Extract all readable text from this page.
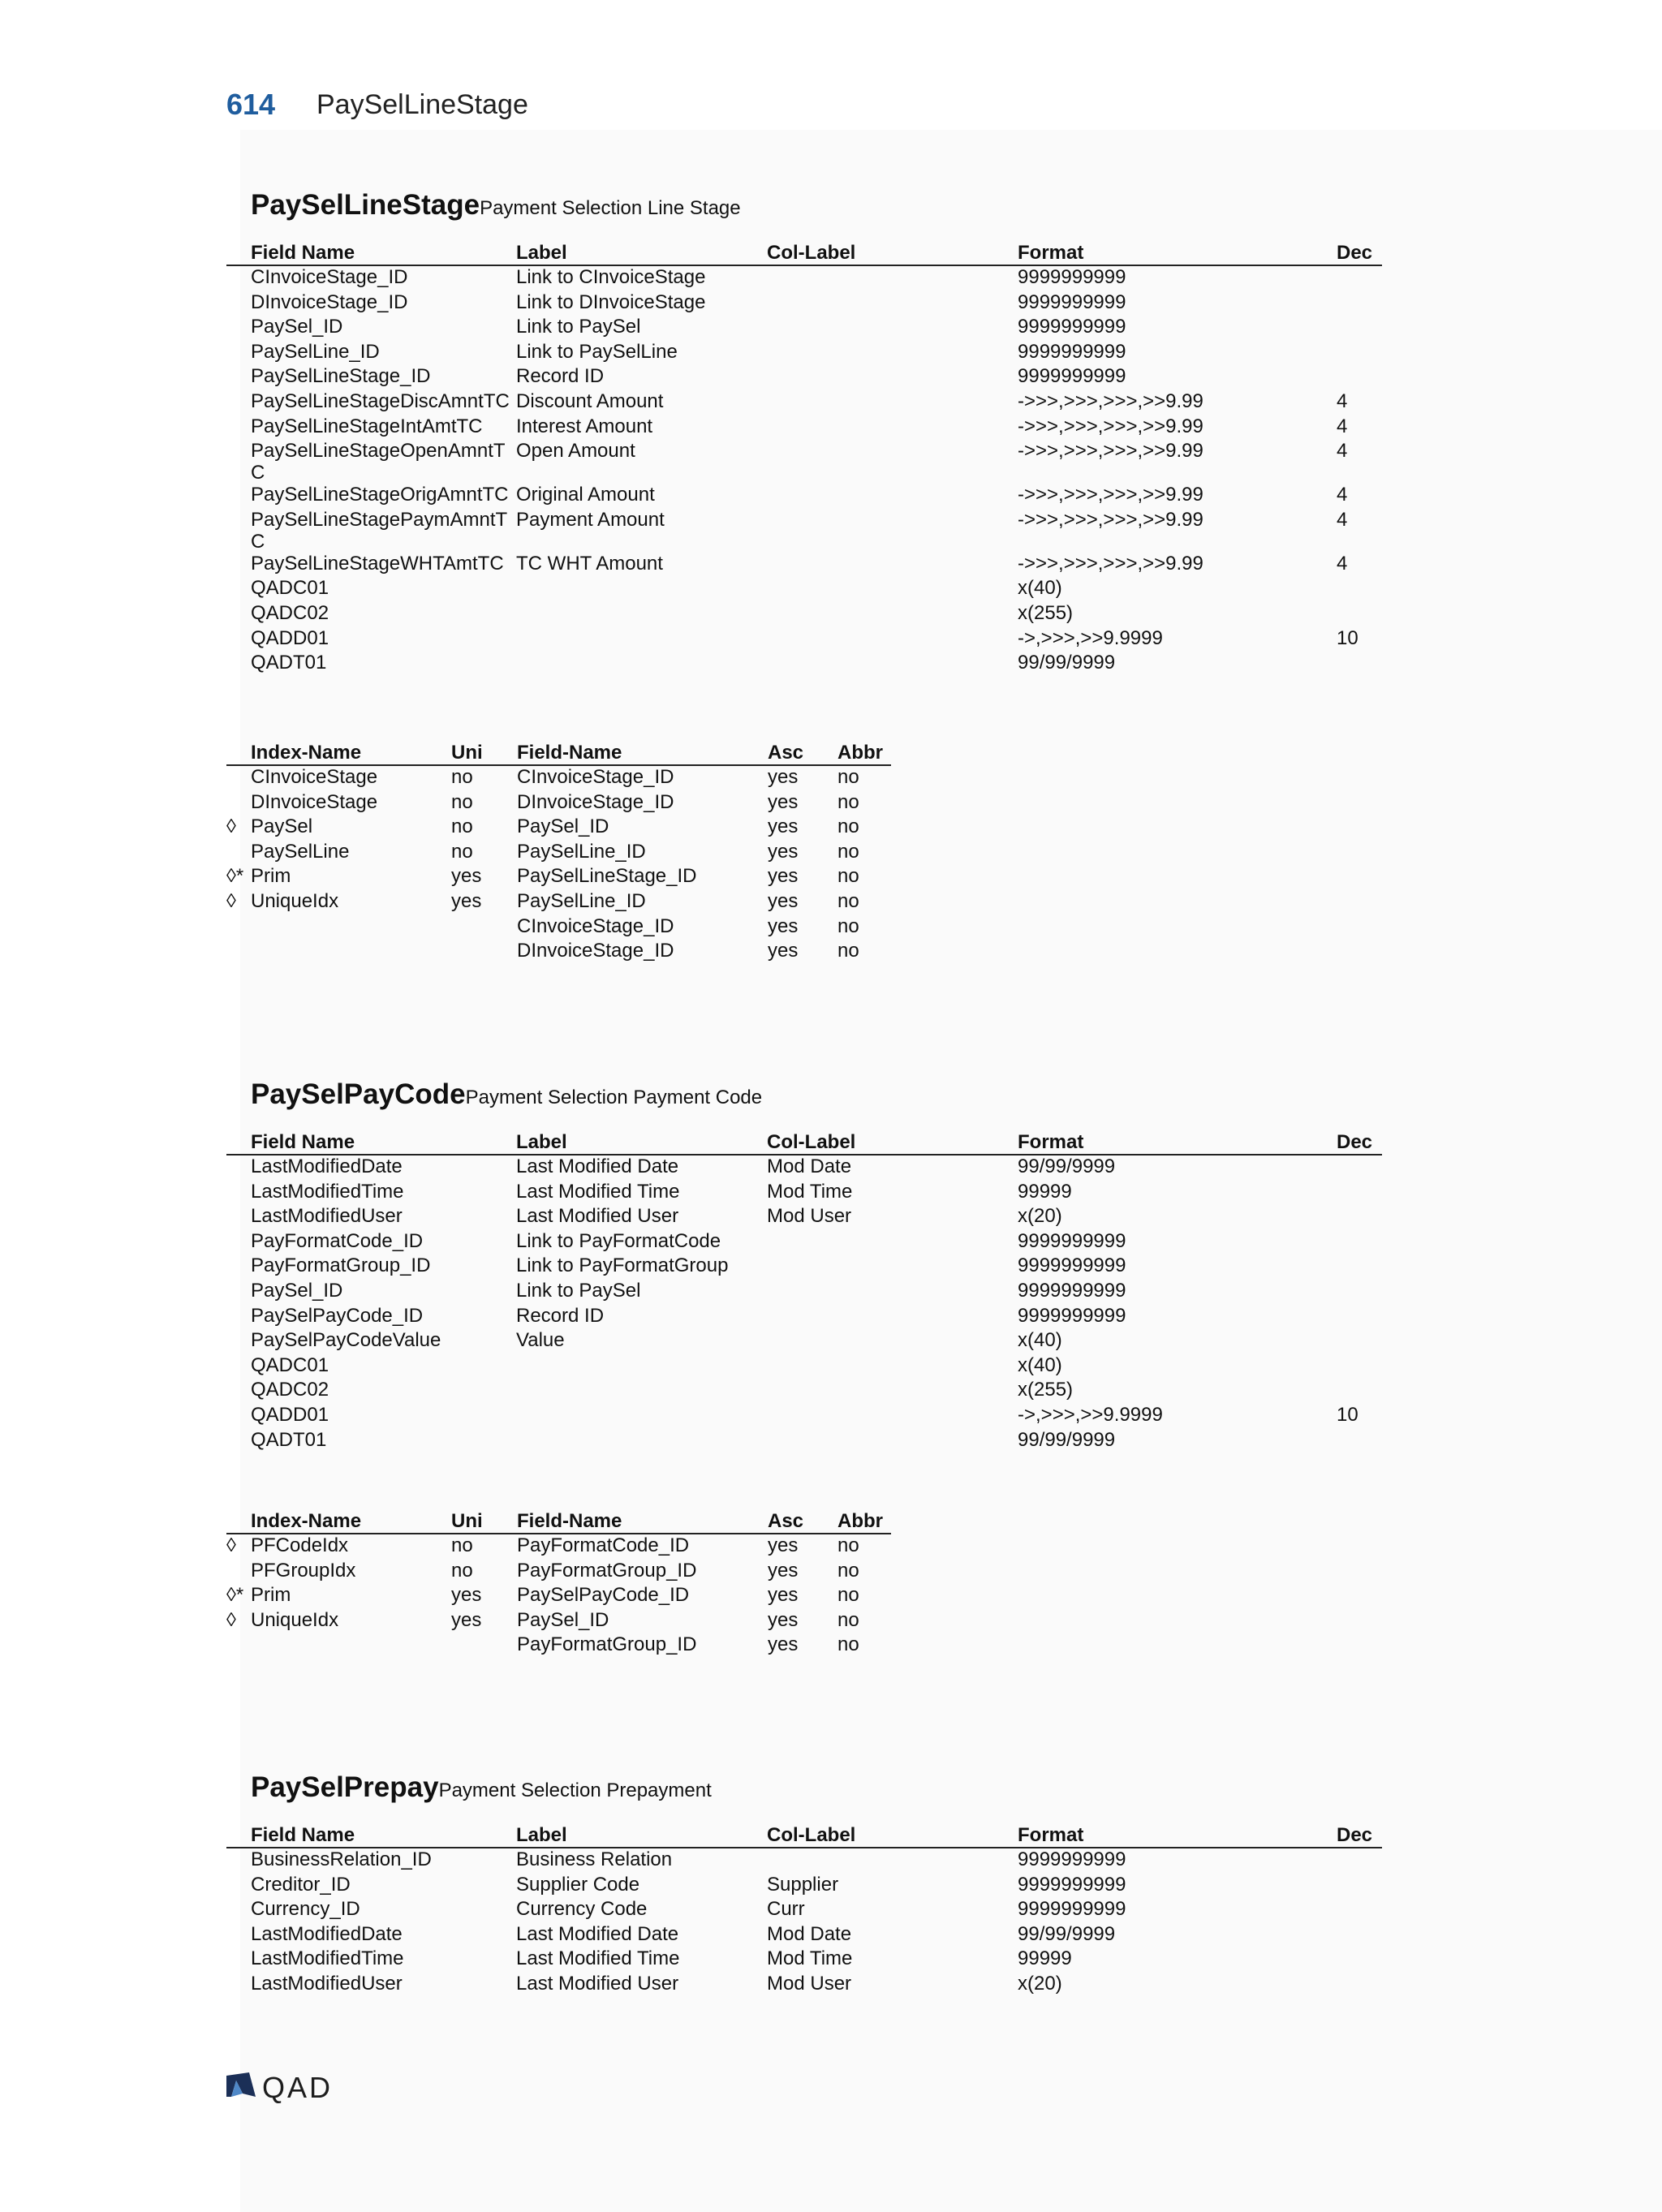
614 PaySelLineStage
PaySelLineStagePayment Selection Line Stage
	Field Name	Label	Col-Label	Format	Dec
	CInvoiceStage_ID	Link to CInvoiceStage		9999999999	
	DInvoiceStage_ID	Link to DInvoiceStage		9999999999	
	PaySel_ID	Link to PaySel		9999999999	
	PaySelLine_ID	Link to PaySelLine		9999999999	
	PaySelLineStage_ID	Record ID		9999999999	
	PaySelLineStageDiscAmntTC	Discount Amount		->>>,>>>,>>>,>>9.99	4
	PaySelLineStageIntAmtTC	Interest Amount		->>>,>>>,>>>,>>9.99	4
	PaySelLineStageOpenAmntTC	Open Amount		->>>,>>>,>>>,>>9.99	4
	PaySelLineStageOrigAmntTC	Original Amount		->>>,>>>,>>>,>>9.99	4
	PaySelLineStagePaymAmntTC	Payment Amount		->>>,>>>,>>>,>>9.99	4
	PaySelLineStageWHTAmtTC	TC WHT Amount		->>>,>>>,>>>,>>9.99	4
	QADC01			x(40)	
	QADC02			x(255)	
	QADD01			->,>>>,>>9.9999	10
	QADT01			99/99/9999	
	Index-Name	Uni	Field-Name	Asc	Abbr
	CInvoiceStage	no	CInvoiceStage_ID	yes	no
	DInvoiceStage	no	DInvoiceStage_ID	yes	no
◊	PaySel	no	PaySel_ID	yes	no
	PaySelLine	no	PaySelLine_ID	yes	no
◊*	Prim	yes	PaySelLineStage_ID	yes	no
◊	UniqueIdx	yes	PaySelLine_ID	yes	no
			CInvoiceStage_ID	yes	no
			DInvoiceStage_ID	yes	no
PaySelPayCodePayment Selection Payment Code
	Field Name	Label	Col-Label	Format	Dec
	LastModifiedDate	Last Modified Date	Mod Date	99/99/9999	
	LastModifiedTime	Last Modified Time	Mod Time	99999	
	LastModifiedUser	Last Modified User	Mod User	x(20)	
	PayFormatCode_ID	Link to PayFormatCode		9999999999	
	PayFormatGroup_ID	Link to PayFormatGroup		9999999999	
	PaySel_ID	Link to PaySel		9999999999	
	PaySelPayCode_ID	Record ID		9999999999	
	PaySelPayCodeValue	Value		x(40)	
	QADC01			x(40)	
	QADC02			x(255)	
	QADD01			->,>>>,>>9.9999	10
	QADT01			99/99/9999	
	Index-Name	Uni	Field-Name	Asc	Abbr
◊	PFCodeIdx	no	PayFormatCode_ID	yes	no
	PFGroupIdx	no	PayFormatGroup_ID	yes	no
◊*	Prim	yes	PaySelPayCode_ID	yes	no
◊	UniqueIdx	yes	PaySel_ID	yes	no
			PayFormatGroup_ID	yes	no
PaySelPrepayPayment Selection Prepayment
	Field Name	Label	Col-Label	Format	Dec
	BusinessRelation_ID	Business Relation		9999999999	
	Creditor_ID	Supplier Code	Supplier	9999999999	
	Currency_ID	Currency Code	Curr	9999999999	
	LastModifiedDate	Last Modified Date	Mod Date	99/99/9999	
	LastModifiedTime	Last Modified Time	Mod Time	99999	
	LastModifiedUser	Last Modified User	Mod User	x(20)	
QAD
